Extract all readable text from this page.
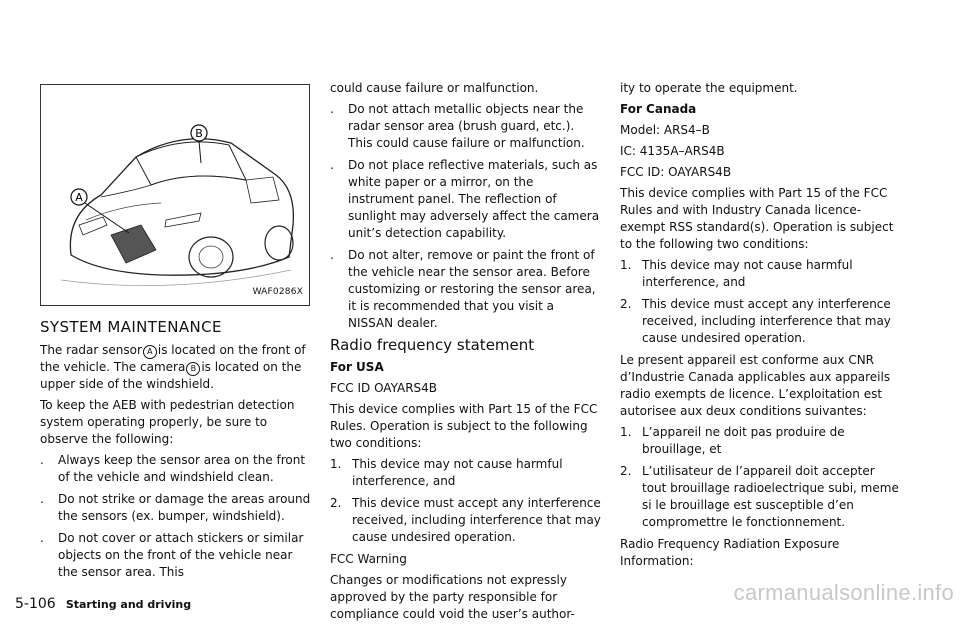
A
B
WAF0286X
SYSTEM MAINTENANCE

The radar sensor A is located on the front of the vehicle. The camera B is located on the upper side of the windshield.

To keep the AEB with pedestrian detection system operating properly, be sure to observe the following:

. Always keep the sensor area on the front of the vehicle and windshield clean.
. Do not strike or damage the areas around the sensors (ex. bumper, windshield).
. Do not cover or attach stickers or similar objects on the front of the vehicle near the sensor area. This

could cause failure or malfunction.

. Do not attach metallic objects near the radar sensor area (brush guard, etc.). This could cause failure or malfunction.
. Do not place reflective materials, such as white paper or a mirror, on the instrument panel. The reflection of sunlight may adversely affect the camera unit’s detection capability.
. Do not alter, remove or paint the front of the vehicle near the sensor area. Before customizing or restoring the sensor area, it is recommended that you visit a NISSAN dealer.
Radio frequency statement

For USA

FCC ID OAYARS4B

This device complies with Part 15 of the FCC Rules. Operation is subject to the following two conditions:

1. This device may not cause harmful interference, and
2. This device must accept any interference received, including interference that may cause undesired operation.

FCC Warning

Changes or modifications not expressly approved by the party responsible for compliance could void the user’s author-

ity to operate the equipment.

For Canada

Model: ARS4–B

IC: 4135A–ARS4B

FCC ID: OAYARS4B

This device complies with Part 15 of the FCC Rules and with Industry Canada licence-exempt RSS standard(s). Operation is subject to the following two conditions:

1. This device may not cause harmful interference, and
2. This device must accept any interference received, including interference that may cause undesired operation.

Le present appareil est conforme aux CNR d’Industrie Canada applicables aux appareils radio exempts de licence. L’exploitation est autorisee aux deux conditions suivantes:

1. L’appareil ne doit pas produire de brouillage, et
2. L’utilisateur de l’appareil doit accepter tout brouillage radioelectrique subi, meme si le brouillage est susceptible d’en compromettre le fonctionnement.

Radio Frequency Radiation Exposure Information:

5-106 Starting and driving	carmanualsonline.info
